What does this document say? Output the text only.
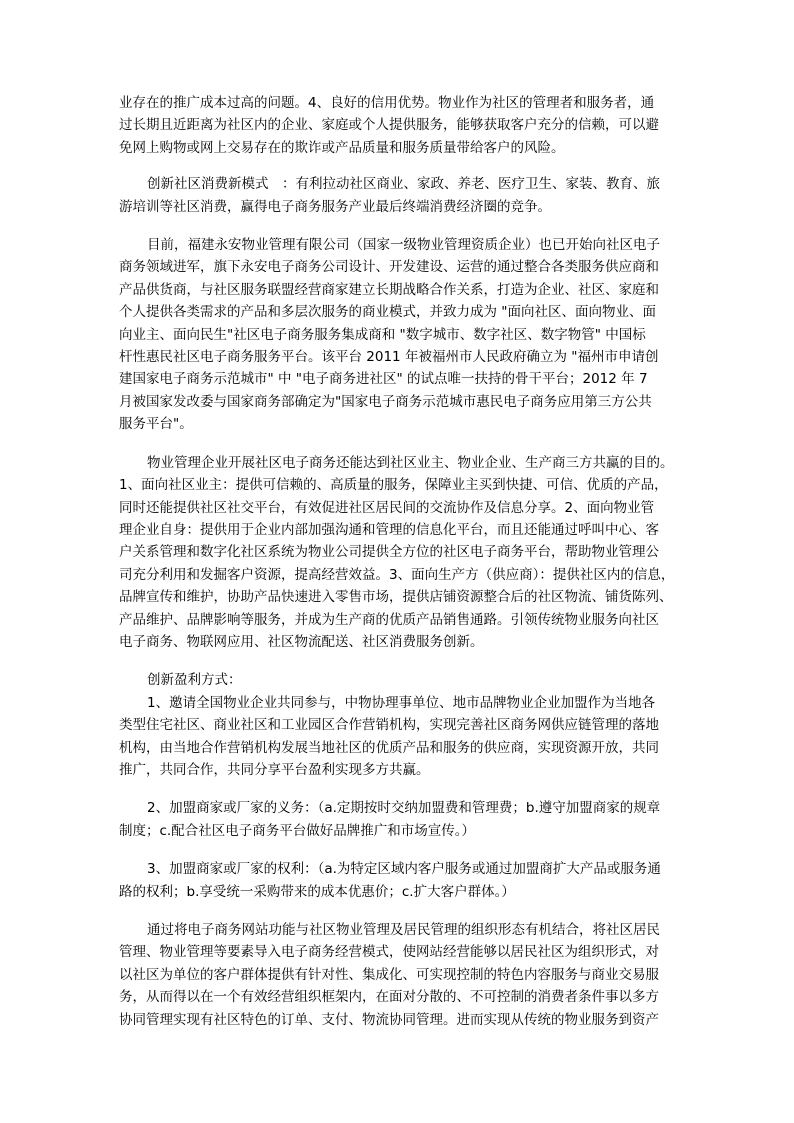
业存在的推广成本过高的问题。4、良好的信用优势。物业作为社区的管理者和服务者，通
过长期且近距离为社区内的企业、家庭或个人提供服务，能够获取客户充分的信赖，可以避
免网上购物或网上交易存在的欺诈或产品质量和服务质量带给客户的风险。

创新社区消费新模式　：有利拉动社区商业、家政、养老、医疗卫生、家装、教育、旅
游培训等社区消费，赢得电子商务服务产业最后终端消费经济圈的竞争。

目前，福建永安物业管理有限公司（国家一级物业管理资质企业）也已开始向社区电子
商务领域进军，旗下永安电子商务公司设计、开发建设、运营的通过整合各类服务供应商和
产品供货商，与社区服务联盟经营商家建立长期战略合作关系，打造为企业、社区、家庭和
个人提供各类需求的产品和多层次服务的商业模式，并致力成为 "面向社区、面向物业、面
向业主、面向民生"社区电子商务服务集成商和 "数字城市、数字社区、数字物管" 中国标
杆性惠民社区电子商务服务平台。该平台 2011 年被福州市人民政府确立为 "福州市申请创
建国家电子商务示范城市" 中 "电子商务进社区" 的试点唯一扶持的骨干平台；2012 年 7
月被国家发改委与国家商务部确定为"国家电子商务示范城市惠民电子商务应用第三方公共
服务平台"。

物业管理企业开展社区电子商务还能达到社区业主、物业企业、生产商三方共赢的目的。
1、面向社区业主：提供可信赖的、高质量的服务，保障业主买到快捷、可信、优质的产品，
同时还能提供社区社交平台，有效促进社区居民间的交流协作及信息分享。2、面向物业管
理企业自身：提供用于企业内部加强沟通和管理的信息化平台，而且还能通过呼叫中心、客
户关系管理和数字化社区系统为物业公司提供全方位的社区电子商务平台，帮助物业管理公
司充分利用和发掘客户资源，提高经营效益。3、面向生产方（供应商）：提供社区内的信息，
品牌宣传和维护，协助产品快速进入零售市场，提供店铺资源整合后的社区物流、铺货陈列、
产品维护、品牌影响等服务，并成为生产商的优质产品销售通路。引领传统物业服务向社区
电子商务、物联网应用、社区物流配送、社区消费服务创新。

创新盈利方式：
1、邀请全国物业企业共同参与，中物协理事单位、地市品牌物业企业加盟作为当地各
类型住宅社区、商业社区和工业园区合作营销机构，实现完善社区商务网供应链管理的落地
机构，由当地合作营销机构发展当地社区的优质产品和服务的供应商，实现资源开放，共同
推广，共同合作，共同分享平台盈利实现多方共赢。

2、加盟商家或厂家的义务：（a.定期按时交纳加盟费和管理费；b.遵守加盟商家的规章
制度；c.配合社区电子商务平台做好品牌推广和市场宣传。）

3、加盟商家或厂家的权利：（a.为特定区域内客户服务或通过加盟商扩大产品或服务通
路的权利；b.享受统一采购带来的成本优惠价；c.扩大客户群体。）

通过将电子商务网站功能与社区物业管理及居民管理的组织形态有机结合，将社区居民
管理、物业管理等要素导入电子商务经营模式，使网站经营能够以居民社区为组织形式，对
以社区为单位的客户群体提供有针对性、集成化、可实现控制的特色内容服务与商业交易服
务，从而得以在一个有效经营组织框架内，在面对分散的、不可控制的消费者条件事以多方
协同管理实现有社区特色的订单、支付、物流协同管理。进而实现从传统的物业服务到资产
